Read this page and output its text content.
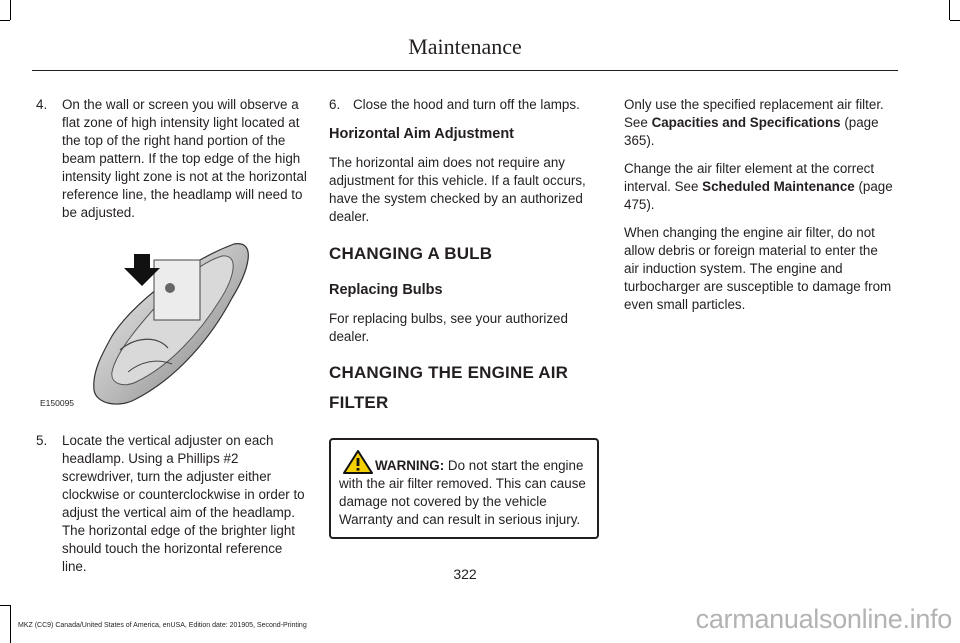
Maintenance
4. On the wall or screen you will observe a flat zone of high intensity light located at the top of the right hand portion of the beam pattern. If the top edge of the high intensity light zone is not at the horizontal reference line, the headlamp will need to be adjusted.

E150095
5. Locate the vertical adjuster on each headlamp. Using a Phillips #2 screwdriver, turn the adjuster either clockwise or counterclockwise in order to adjust the vertical aim of the headlamp. The horizontal edge of the brighter light should touch the horizontal reference line.

6. Close the hood and turn off the lamps.

Horizontal Aim Adjustment

The horizontal aim does not require any adjustment for this vehicle. If a fault occurs, have the system checked by an authorized dealer.

CHANGING A BULB
Replacing Bulbs

For replacing bulbs, see your authorized dealer.

CHANGING THE ENGINE AIR
FILTER
WARNING: Do not start the engine with the air filter removed. This can cause damage not covered by the vehicle Warranty and can result in serious injury.

Only use the specified replacement air filter. See Capacities and Specifications (page 365).

Change the air filter element at the correct interval. See Scheduled Maintenance (page 475).

When changing the engine air filter, do not allow debris or foreign material to enter the air induction system. The engine and turbocharger are susceptible to damage from even small particles.

322
MKZ (CC9) Canada/United States of America, enUSA, Edition date: 201905, Second-Printing	carmanualsonline.info
